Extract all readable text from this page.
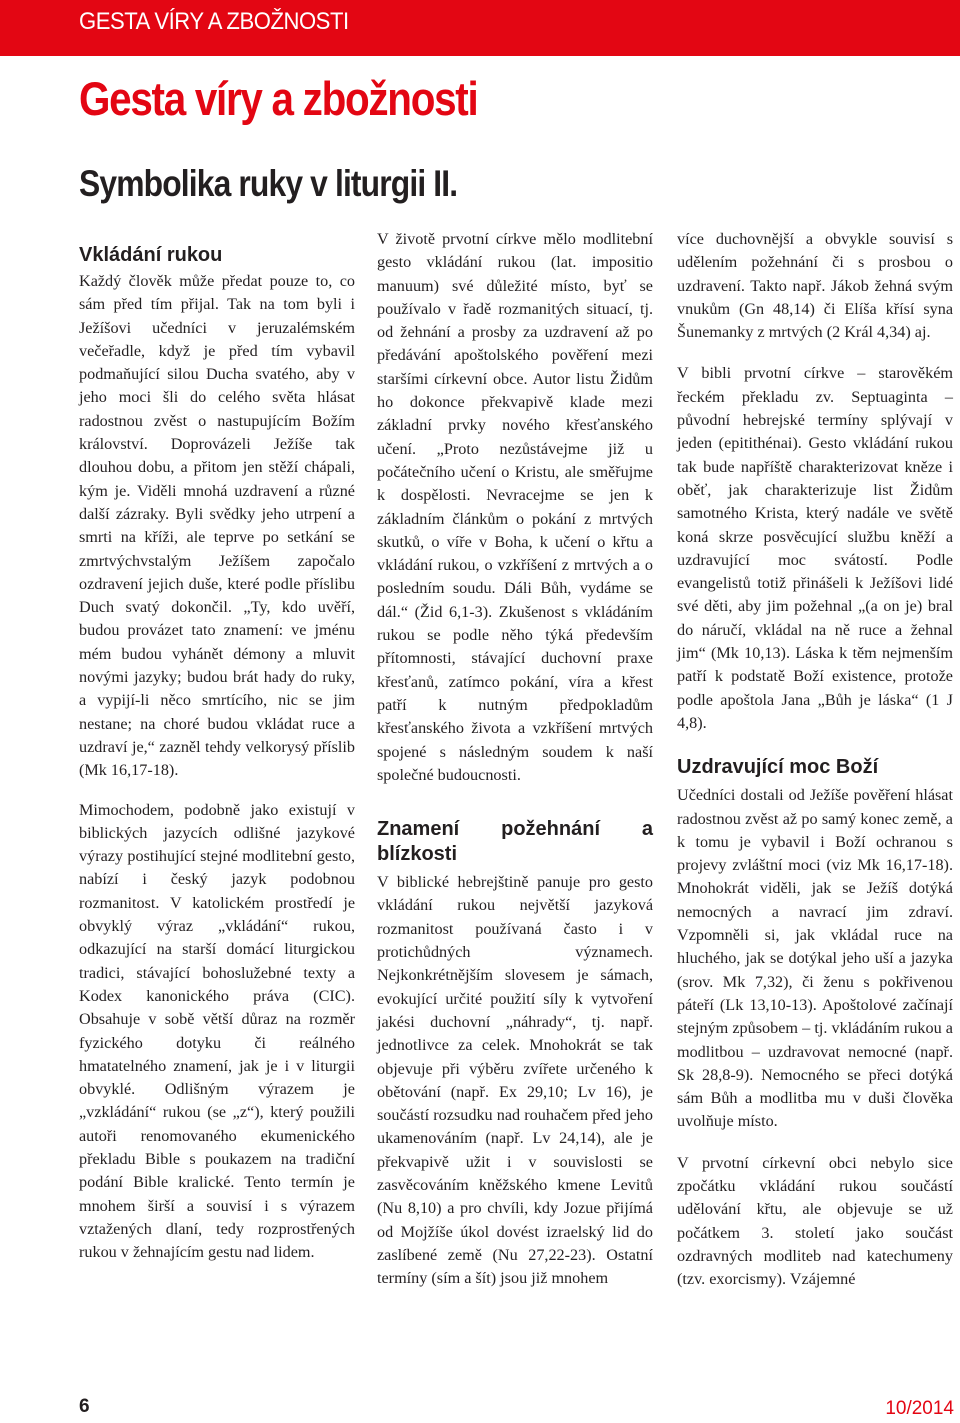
GESTA VÍRY A ZBOŽNOSTI
Gesta víry a zbožnosti
Symbolika ruky v liturgii II.
Vkládání rukou

Každý člověk může předat pouze to, co sám před tím přijal. Tak na tom byli i Ježíšovi učedníci v jeruzalémském večeřadle, když je před tím vybavil podmaňující silou Ducha svatého, aby v jeho moci šli do celého světa hlásat radostnou zvěst o nastupujícím Božím království. Doprovázeli Ježíše tak dlouhou dobu, a přitom jen stěží chápali, kým je. Viděli mnohá uzdravení a různé další zázraky. Byli svědky jeho utrpení a smrti na kříži, ale teprve po setkání se zmrtvýchvstalým Ježíšem započalo ozdravení jejich duše, které podle příslibu Duch svatý dokončil. „Ty, kdo uvěří, budou provázet tato znamení: ve jménu mém budou vyhánět démony a mluvit novými jazyky; budou brát hady do ruky, a vypijí-li něco smrtícího, nic se jim nestane; na choré budou vkládat ruce a uzdraví je,“ zazněl tehdy velkorysý příslib (Mk 16,17-18).

Mimochodem, podobně jako existují v biblických jazycích odlišné jazykové výrazy postihující stejné modlitební gesto, nabízí i český jazyk podobnou rozmanitost. V katolickém prostředí je obvyklý výraz „vkládání“ rukou, odkazující na starší domácí liturgickou tradici, stávající bohoslužebné texty a Kodex kanonického práva (CIC). Obsahuje v sobě větší důraz na rozměr fyzického dotyku či reálného hmatatelného znamení, jak je i v liturgii obvyklé. Odlišným výrazem je „vzkládání“ rukou (se „z“), který použili autoři renomovaného ekumenického překladu Bible s poukazem na tradiční podání Bible kralické. Tento termín je mnohem širší a souvisí i s výrazem vztažených dlaní, tedy rozprostřených rukou v žehnajícím gestu nad lidem.

V životě prvotní církve mělo modlitební gesto vkládání rukou (lat. impositio manuum) své důležité místo, byť se používalo v řadě rozmanitých situací, tj. od žehnání a prosby za uzdravení až po předávání apoštolského pověření mezi staršími církevní obce. Autor listu Židům ho dokonce překvapivě klade mezi základní prvky nového křesťanského učení. „Proto nezůstávejme již u počátečního učení o Kristu, ale směřujme k dospělosti. Nevracejme se jen k základním článkům o pokání z mrtvých skutků, o víře v Boha, k učení o křtu a vkládání rukou, o vzkříšení z mrtvých a o posledním soudu. Dáli Bůh, vydáme se dál.“ (Žid 6,1-3). Zkušenost s vkládáním rukou se podle něho týká především přítomnosti, stávající duchovní praxe křesťanů, zatímco pokání, víra a křest patří k nutným předpokladům křesťanského života a vzkříšení mrtvých spojené s následným soudem k naší společné budoucnosti.

Znamení požehnání a blízkosti

V biblické hebrejštině panuje pro gesto vkládání rukou největší jazyková rozmanitost používaná často i v protichůdných významech. Nejkonkrétnějším slovesem je sámach, evokující určité použití síly k vytvoření jakési duchovní „náhrady“, tj. např. jednotlivce za celek. Mnohokrát se tak objevuje při výběru zvířete určeného k obětování (např. Ex 29,10; Lv 16), je součástí rozsudku nad rouhačem před jeho ukamenováním (např. Lv 24,14), ale je překvapivě užit i v souvislosti se zasvěcováním kněžského kmene Levitů (Nu 8,10) a pro chvíli, kdy Jozue přijímá od Mojžíše úkol dovést izraelský lid do zaslíbené země (Nu 27,22-23). Ostatní termíny (sím a šít) jsou již mnohem

více duchovnější a obvykle souvisí s udělením požehnání či s prosbou o uzdravení. Takto např. Jákob žehná svým vnukům (Gn 48,14) či Elíša křísí syna Šunemanky z mrtvých (2 Král 4,34) aj.

V bibli prvotní církve – starověkém řeckém překladu zv. Septuaginta – původní hebrejské termíny splývají v jeden (epitithénai). Gesto vkládání rukou tak bude napříště charakterizovat kněze i oběť, jak charakterizuje list Židům samotného Krista, který nadále ve světě koná skrze posvěcující službu kněží a uzdravující moc svátostí. Podle evangelistů totiž přinášeli k Ježíšovi lidé své děti, aby jim požehnal „(a on je) bral do náručí, vkládal na ně ruce a žehnal jim“ (Mk 10,13). Láska k těm nejmenším patří k podstatě Boží existence, protože podle apoštola Jana „Bůh je láska“ (1 J 4,8).

Uzdravující moc Boží

Učedníci dostali od Ježíše pověření hlásat radostnou zvěst až po samý konec země, a k tomu je vybavil i Boží ochranou s projevy zvláštní moci (viz Mk 16,17-18). Mnohokrát viděli, jak se Ježíš dotýká nemocných a navrací jim zdraví. Vzpomněli si, jak vkládal ruce na hluchého, jak se dotýkal jeho uší a jazyka (srov. Mk 7,32), či ženu s pokřivenou páteří (Lk 13,10-13). Apoštolové začínají stejným způsobem – tj. vkládáním rukou a modlitbou – uzdravovat nemocné (např. Sk 28,8-9). Nemocného se přeci dotýká sám Bůh a modlitba mu v duši člověka uvolňuje místo.

V prvotní církevní obci nebylo sice zpočátku vkládání rukou součástí udělování křtu, ale objevuje se už počátkem 3. století jako součást ozdravných modliteb nad katechumeny (tzv. exorcismy). Vzájemné

6	10/2014
